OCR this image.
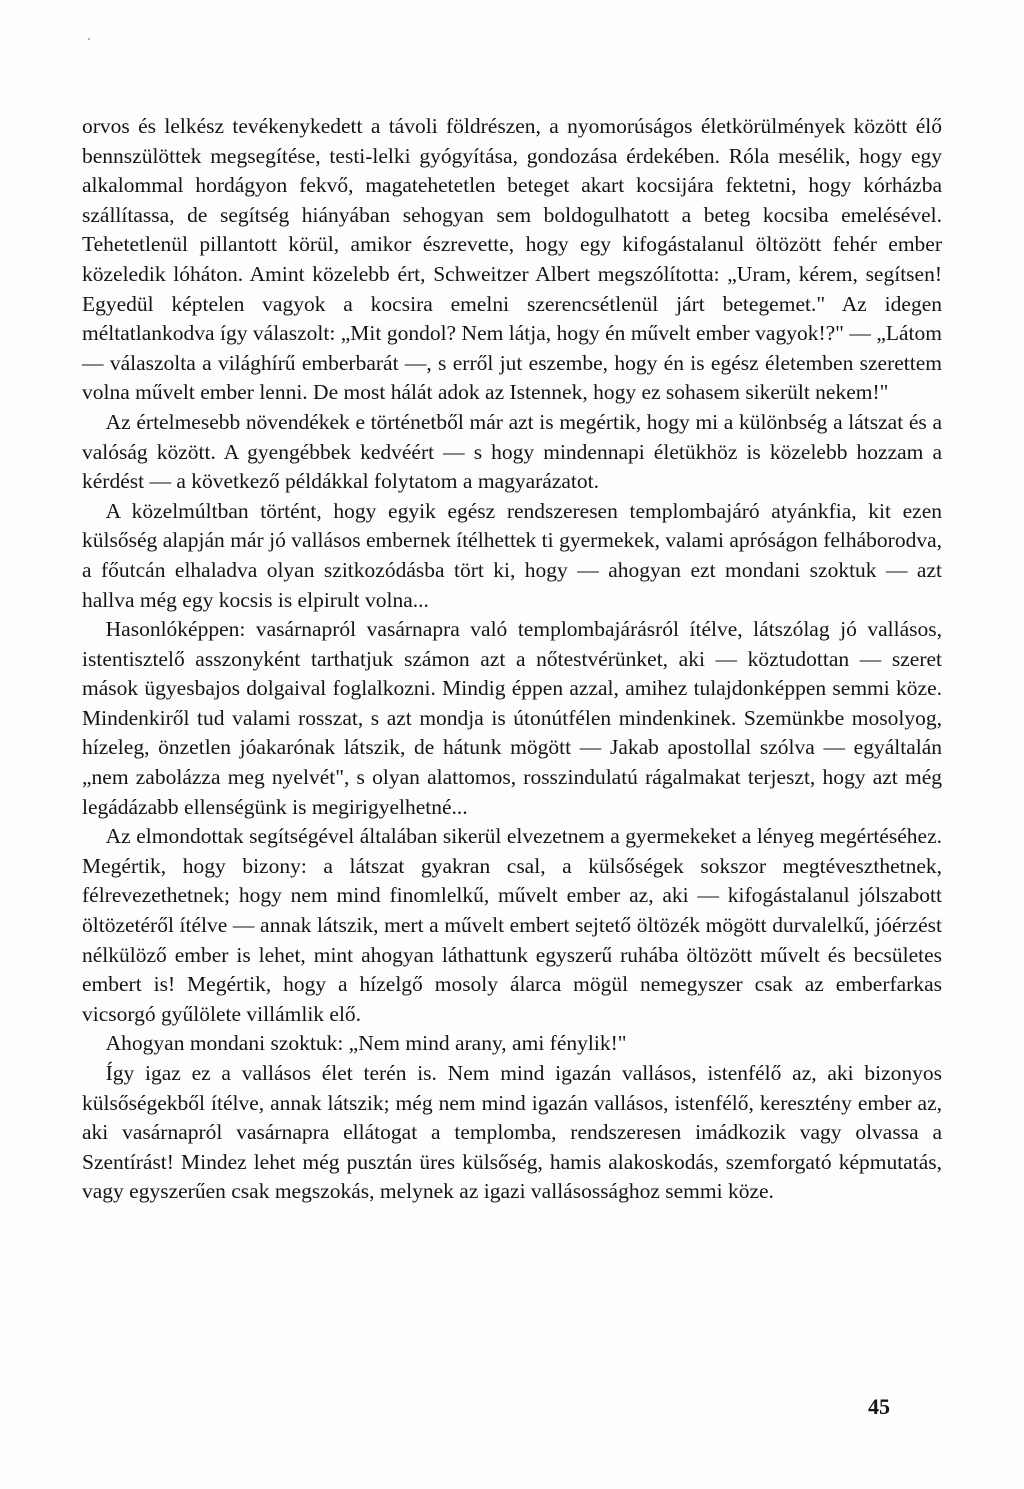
orvos és lelkész tevékenykedett a távoli földrészen, a nyomorúságos életkörülmények között élő bennszülöttek megsegítése, testi-lelki gyógyítása, gondozása érdekében. Róla mesélik, hogy egy alkalommal hordágyon fekvő, magatehetetlen beteget akart kocsijára fektetni, hogy kórházba szállítassa, de segítség hiányában sehogyan sem boldogulhatott a beteg kocsiba emelésével. Tehetetlenül pillantott körül, amikor észrevette, hogy egy kifogástalanul öltözött fehér ember közeledik lóháton. Amint közelebb ért, Schweitzer Albert megszólította: „Uram, kérem, segítsen! Egyedül képtelen vagyok a kocsira emelni szerencsétlenül járt betegemet." Az idegen méltatlankodva így válaszolt: „Mit gondol? Nem látja, hogy én művelt ember vagyok!?" — „Látom — válaszolta a világhírű emberbarát —, s erről jut eszembe, hogy én is egész életemben szerettem volna művelt ember lenni. De most hálát adok az Istennek, hogy ez sohasem sikerült nekem!"

Az értelmesebb növendékek e történetből már azt is megértik, hogy mi a különbség a látszat és a valóság között. A gyengébbek kedvéért — s hogy mindennapi életükhöz is közelebb hozzam a kérdést — a következő példákkal folytatom a magyarázatot.

A közelmúltban történt, hogy egyik egész rendszeresen templombajáró atyánkfia, kit ezen külsőség alapján már jó vallásos embernek ítélhettek ti gyermekek, valami apróságon felháborodva, a főutcán elhaladva olyan szitkozódásba tört ki, hogy — ahogyan ezt mondani szoktuk — azt hallva még egy kocsis is elpirult volna...

Hasonlóképpen: vasárnapról vasárnapra való templombajárásról ítélve, látszólag jó vallásos, istentisztelő asszonyként tarthatjuk számon azt a nőtestvérünket, aki — köztudottan — szeret mások ügyesbajos dolgaival foglalkozni. Mindig éppen azzal, amihez tulajdonképpen semmi köze. Mindenkiről tud valami rosszat, s azt mondja is útonútfélen mindenkinek. Szemünkbe mosolyog, hízeleg, önzetlen jóakarónak látszik, de hátunk mögött — Jakab apostollal szólva — egyáltalán „nem zabolázza meg nyelvét", s olyan alattomos, rosszindulatú rágalmakat terjeszt, hogy azt még legádázabb ellenségünk is megirigyelhetné...

Az elmondottak segítségével általában sikerül elvezetnem a gyermekeket a lényeg megértéséhez. Megértik, hogy bizony: a látszat gyakran csal, a külsőségek sokszor megtéveszthetnek, félrevezethetnek; hogy nem mind finomlelkű, művelt ember az, aki — kifogástalanul jólszabott öltözetéről ítélve — annak látszik, mert a művelt embert sejtető öltözék mögött durvalelkű, jóérzést nélkülöző ember is lehet, mint ahogyan láthattunk egyszerű ruhába öltözött művelt és becsületes embert is! Megértik, hogy a hízelgő mosoly álarca mögül nemegyszer csak az emberfarkas vicsorgó gyűlölete villámlik elő.

Ahogyan mondani szoktuk: „Nem mind arany, ami fénylik!"

Így igaz ez a vallásos élet terén is. Nem mind igazán vallásos, istenfélő az, aki bizonyos külsőségekből ítélve, annak látszik; még nem mind igazán vallásos, istenfélő, keresztény ember az, aki vasárnapról vasárnapra ellátogat a templomba, rendszeresen imádkozik vagy olvassa a Szentírást! Mindez lehet még pusztán üres külsőség, hamis alakoskodás, szemforgató képmutatás, vagy egyszerűen csak megszokás, melynek az igazi vallásossághoz semmi köze.

45
